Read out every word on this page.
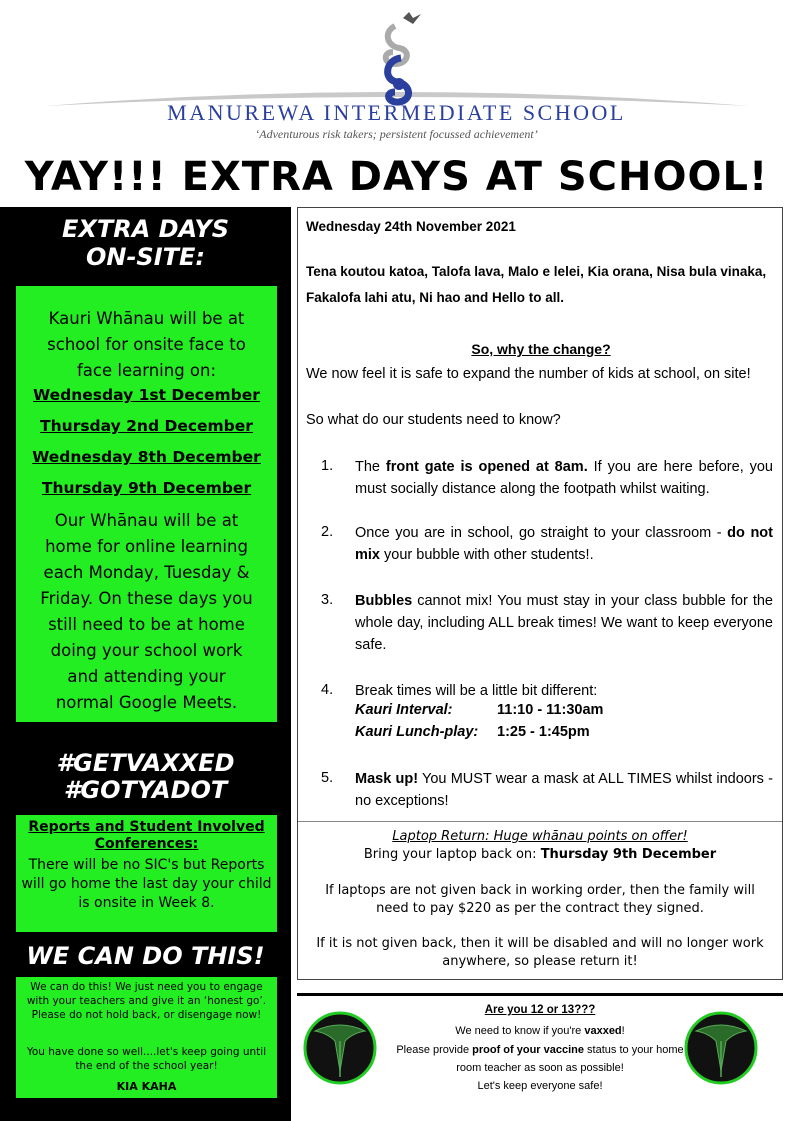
MANUREWA INTERMEDIATE SCHOOL
‘Adventurous risk takers; persistent focussed achievement’
YAY!!! EXTRA DAYS AT SCHOOL!
EXTRA DAYS
ON-SITE:
Kauri Whānau will be at
school for onsite face to
face learning on:
Wednesday 1st December
Thursday 2nd December
Wednesday 8th December
Thursday 9th December
Our Whānau will be at
home for online learning
each Monday, Tuesday &
Friday. On these days you
still need to be at home
doing your school work
and attending your
normal Google Meets.
#GETVAXXED
#GOTYADOT
Reports and Student Involved Conferences:
There will be no SIC's but Reports will go home the last day your child is onsite in Week 8.
WE CAN DO THIS!
We can do this! We just need you to engage with your teachers and give it an ‘honest go’. Please do not hold back, or disengage now!
You have done so well....let's keep going until the end of the school year!
KIA KAHA
Wednesday 24th November 2021
Tena koutou katoa, Talofa lava, Malo e lelei, Kia orana, Nisa bula vinaka, Fakalofa lahi atu, Ni hao and Hello to all.
So, why the change?
We now feel it is safe to expand the number of kids at school, on site!
So what do our students need to know?
1. The front gate is opened at 8am. If you are here before, you must socially distance along the footpath whilst waiting.
2. Once you are in school, go straight to your classroom - do not mix your bubble with other students!.
3. Bubbles cannot mix! You must stay in your class bubble for the whole day, including ALL break times! We want to keep everyone safe.
4. Break times will be a little bit different:
Kauri Interval:	11:10 - 11:30am
Kauri Lunch-play: 1:25 - 1:45pm
5. Mask up! You MUST wear a mask at ALL TIMES whilst indoors - no exceptions!
Laptop Return: Huge whānau points on offer!
Bring your laptop back on: Thursday 9th December
If laptops are not given back in working order, then the family will need to pay $220 as per the contract they signed.
If it is not given back, then it will be disabled and will no longer work anywhere, so please return it!
Are you 12 or 13???
We need to know if you're vaxxed!
Please provide proof of your vaccine status to your home
room teacher as soon as possible!
Let's keep everyone safe!
